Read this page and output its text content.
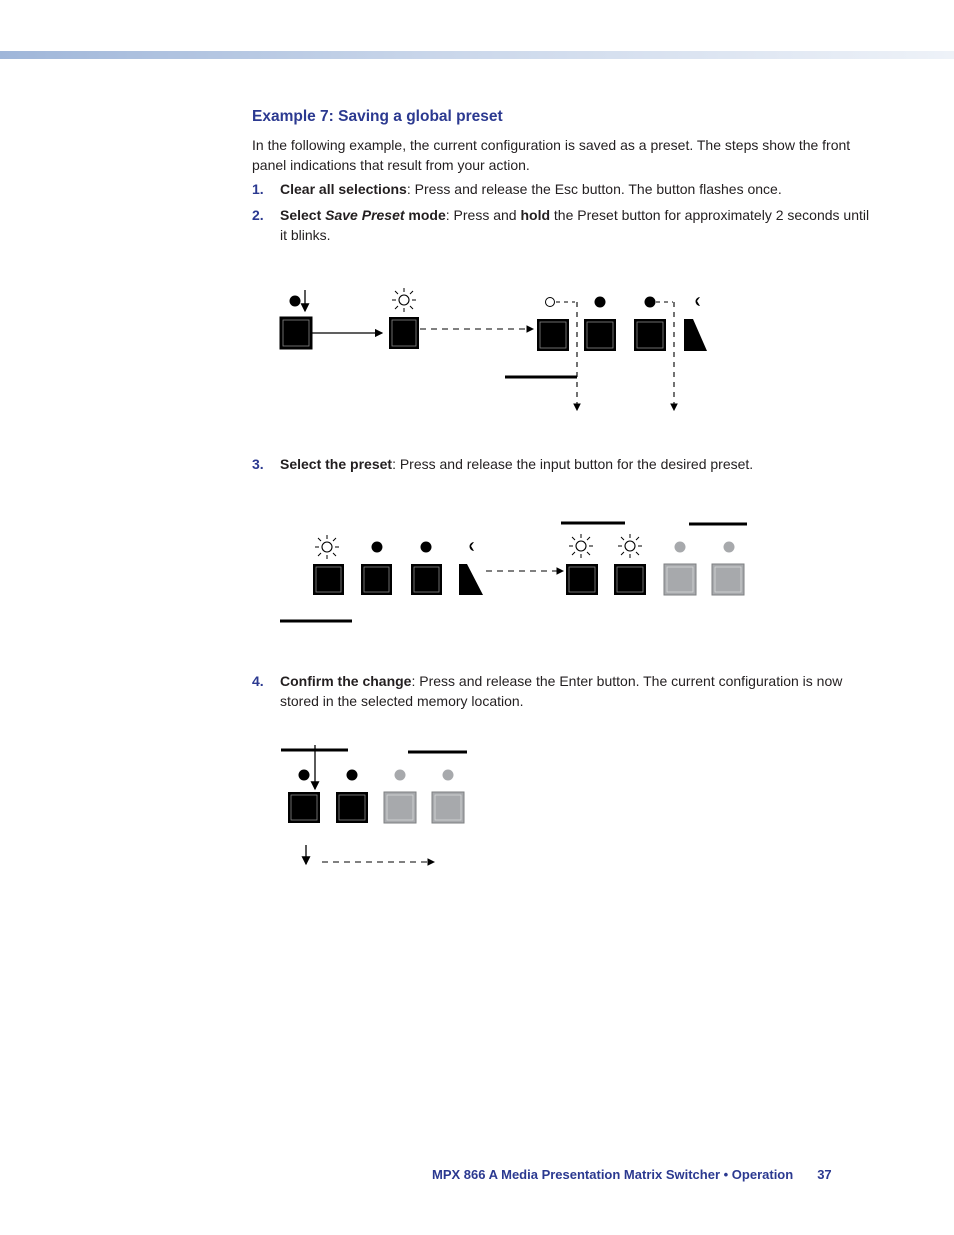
Example 7: Saving a global preset

In the following example, the current configuration is saved as a preset. The steps show the front panel indications that result from your action.

1. Clear all selections: Press and release the Esc button. The button flashes once.
2. Select Save Preset mode: Press and hold the Preset button for approximately 2 seconds until it blinks.
3. Select the preset: Press and release the input button for the desired preset.
4. Confirm the change: Press and release the Enter button. The current configuration is now stored in the selected memory location.
MPX 866 A Media Presentation Matrix Switcher • Operation 37
